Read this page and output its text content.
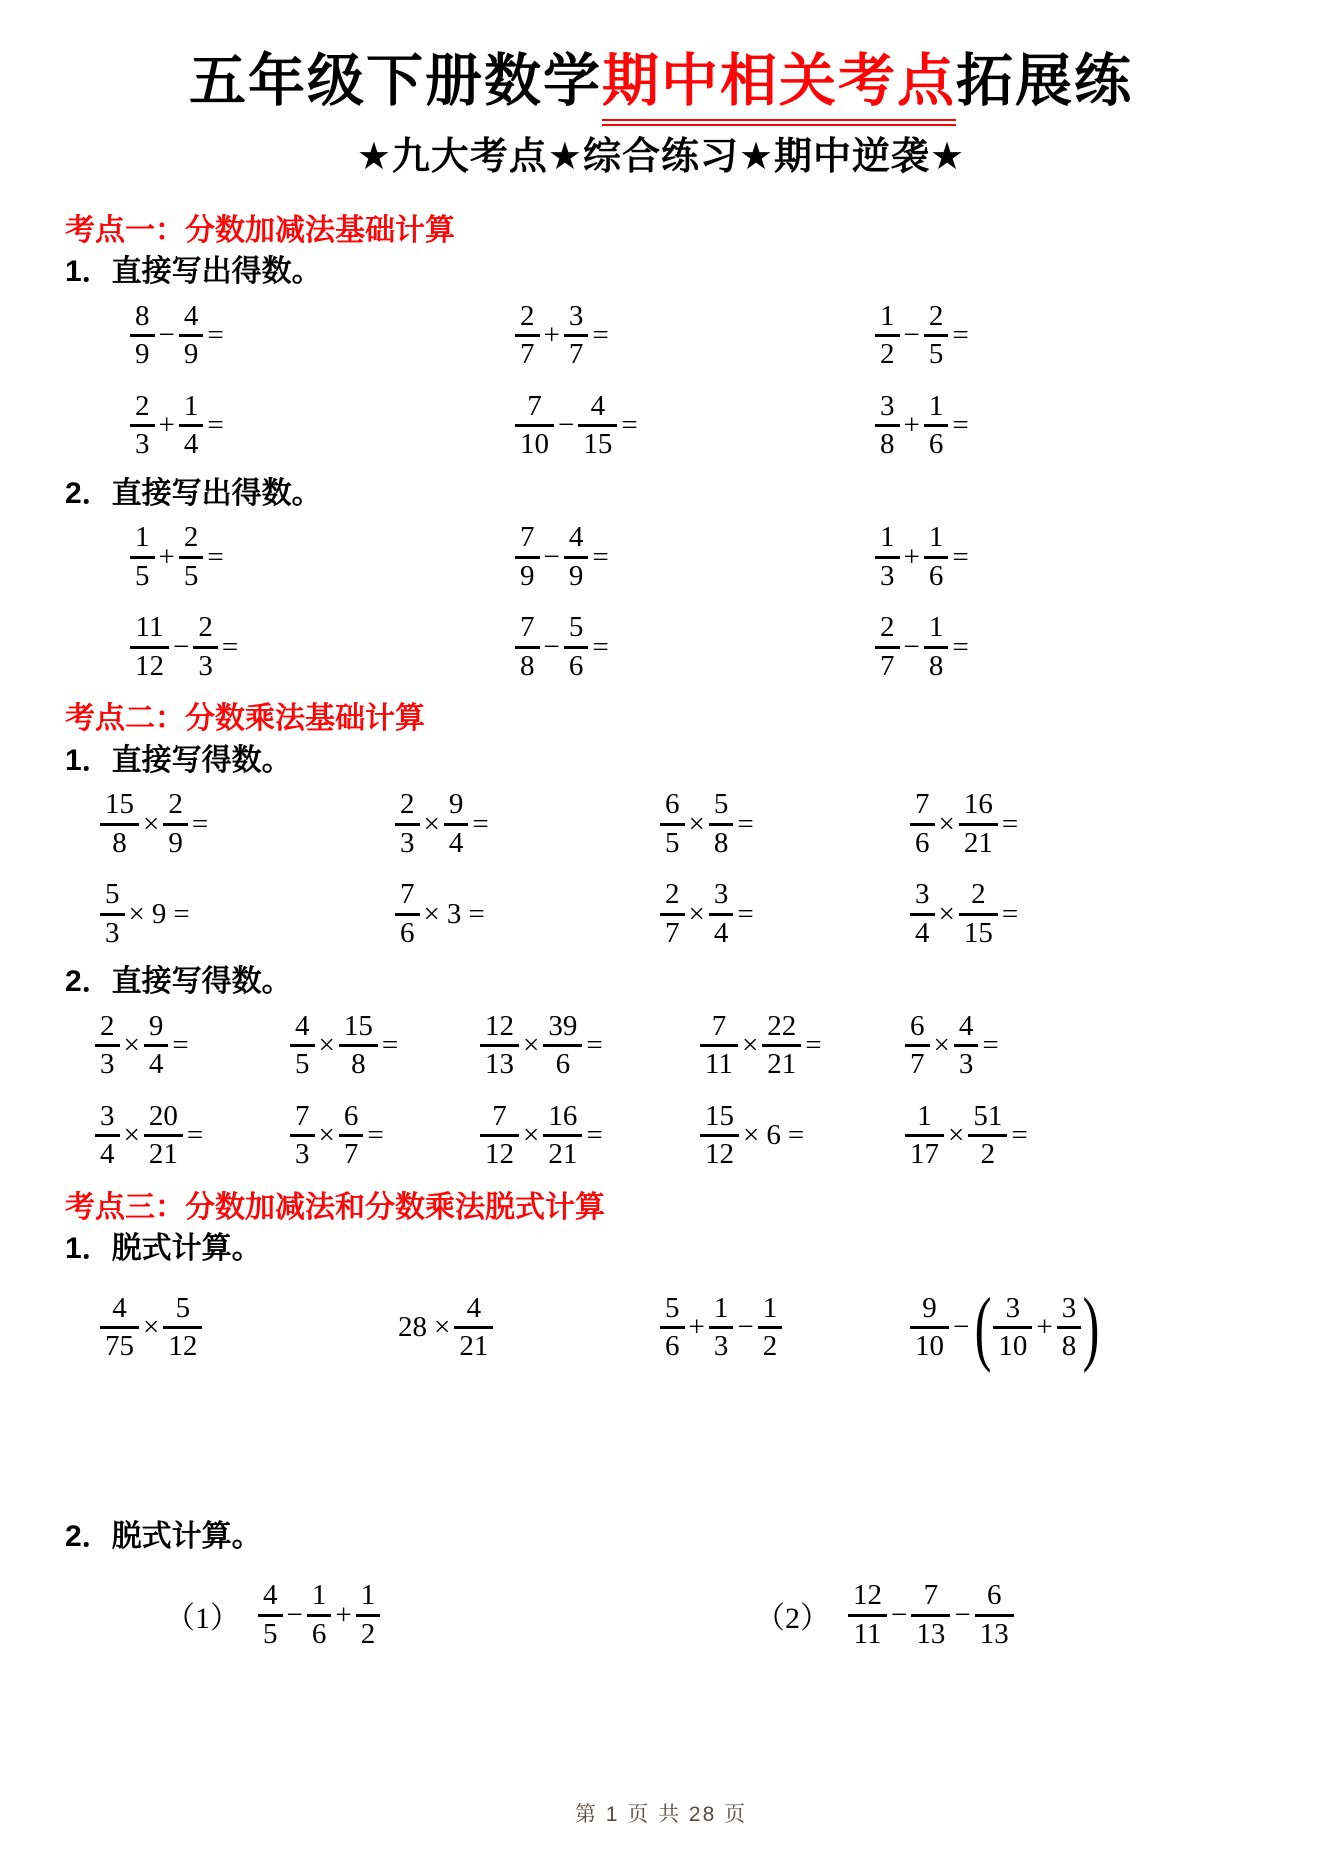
五年级下册数学期中相关考点拓展练
★九大考点★综合练习★期中逆袭★
考点一：分数加减法基础计算
1．直接写出得数。
$\frac{8}{9} - \frac{4}{9}$ =	$\frac{2}{7} + \frac{3}{7}$ =	$\frac{1}{2} - \frac{2}{5}$ =
$\frac{2}{3} + \frac{1}{4}$ =	$\frac{7}{10} - \frac{4}{15}$ =	$\frac{3}{8} + \frac{1}{6}$ =
2．直接写出得数。
$\frac{1}{5} + \frac{2}{5}$ =	$\frac{7}{9} - \frac{4}{9}$ =	$\frac{1}{3} + \frac{1}{6}$ =
$\frac{11}{12} - \frac{2}{3}$ =	$\frac{7}{8} - \frac{5}{6}$ =	$\frac{2}{7} - \frac{1}{8}$ =
考点二：分数乘法基础计算
1．直接写得数。
$\frac{15}{8} \times \frac{2}{9}$ =	$\frac{2}{3} \times \frac{9}{4}$ =	$\frac{6}{5} \times \frac{5}{8}$ =	$\frac{7}{6} \times \frac{16}{21}$ =
$\frac{5}{3} \times 9$ =	$\frac{7}{6} \times 3$ =	$\frac{2}{7} \times \frac{3}{4}$ =	$\frac{3}{4} \times \frac{2}{15}$ =
2．直接写得数。
$\frac{2}{3} \times \frac{9}{4}$ =	$\frac{4}{5} \times \frac{15}{8}$ =	$\frac{12}{13} \times \frac{39}{6}$ =	$\frac{7}{11} \times \frac{22}{21}$ =	$\frac{6}{7} \times \frac{4}{3}$ =
$\frac{3}{4} \times \frac{20}{21}$ =	$\frac{7}{3} \times \frac{6}{7}$ =	$\frac{7}{12} \times \frac{16}{21}$ =	$\frac{15}{12} \times 6$ =	$\frac{1}{17} \times \frac{51}{2}$ =
考点三：分数加减法和分数乘法脱式计算
1．脱式计算。
$\frac{4}{75} \times \frac{5}{12}$	$28 \times \frac{4}{21}$	$\frac{5}{6} + \frac{1}{3} - \frac{1}{2}$	$\frac{9}{10}$ −( $\frac{3}{10} + \frac{3}{8}$ )
2．脱式计算。
$(1) \frac{4}{5} - \frac{1}{6} + \frac{1}{2}$	$(2) \frac{12}{11} - \frac{7}{13} - \frac{6}{13}$
第 1 页 共 28 页
